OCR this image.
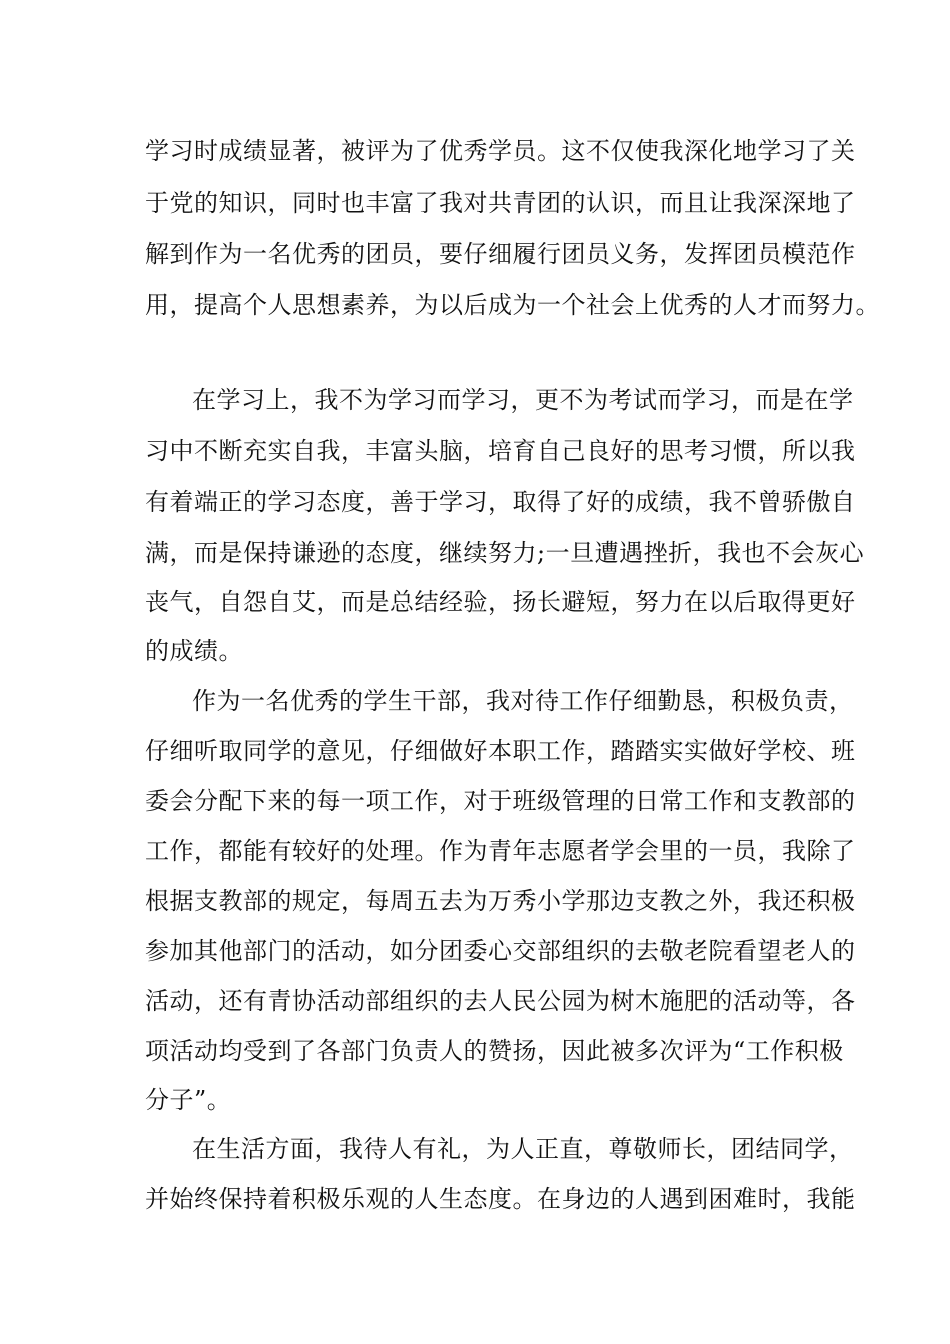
学习时成绩显著，被评为了优秀学员。这不仅使我深化地学习了关
于党的知识，同时也丰富了我对共青团的认识，而且让我深深地了
解到作为一名优秀的团员，要仔细履行团员义务，发挥团员模范作
用，提高个人思想素养，为以后成为一个社会上优秀的人才而努力。
在学习上，我不为学习而学习，更不为考试而学习，而是在学
习中不断充实自我，丰富头脑，培育自己良好的思考习惯，所以我
有着端正的学习态度，善于学习，取得了好的成绩，我不曾骄傲自
满，而是保持谦逊的态度，继续努力;一旦遭遇挫折，我也不会灰心
丧气，自怨自艾，而是总结经验，扬长避短，努力在以后取得更好
的成绩。
作为一名优秀的学生干部，我对待工作仔细勤恳，积极负责，
仔细听取同学的意见，仔细做好本职工作，踏踏实实做好学校、班
委会分配下来的每一项工作，对于班级管理的日常工作和支教部的
工作，都能有较好的处理。作为青年志愿者学会里的一员，我除了
根据支教部的规定，每周五去为万秀小学那边支教之外，我还积极
参加其他部门的活动，如分团委心交部组织的去敬老院看望老人的
活动，还有青协活动部组织的去人民公园为树木施肥的活动等，各
项活动均受到了各部门负责人的赞扬，因此被多次评为“工作积极
分子”。
在生活方面，我待人有礼，为人正直，尊敬师长，团结同学，
并始终保持着积极乐观的人生态度。在身边的人遇到困难时，我能
